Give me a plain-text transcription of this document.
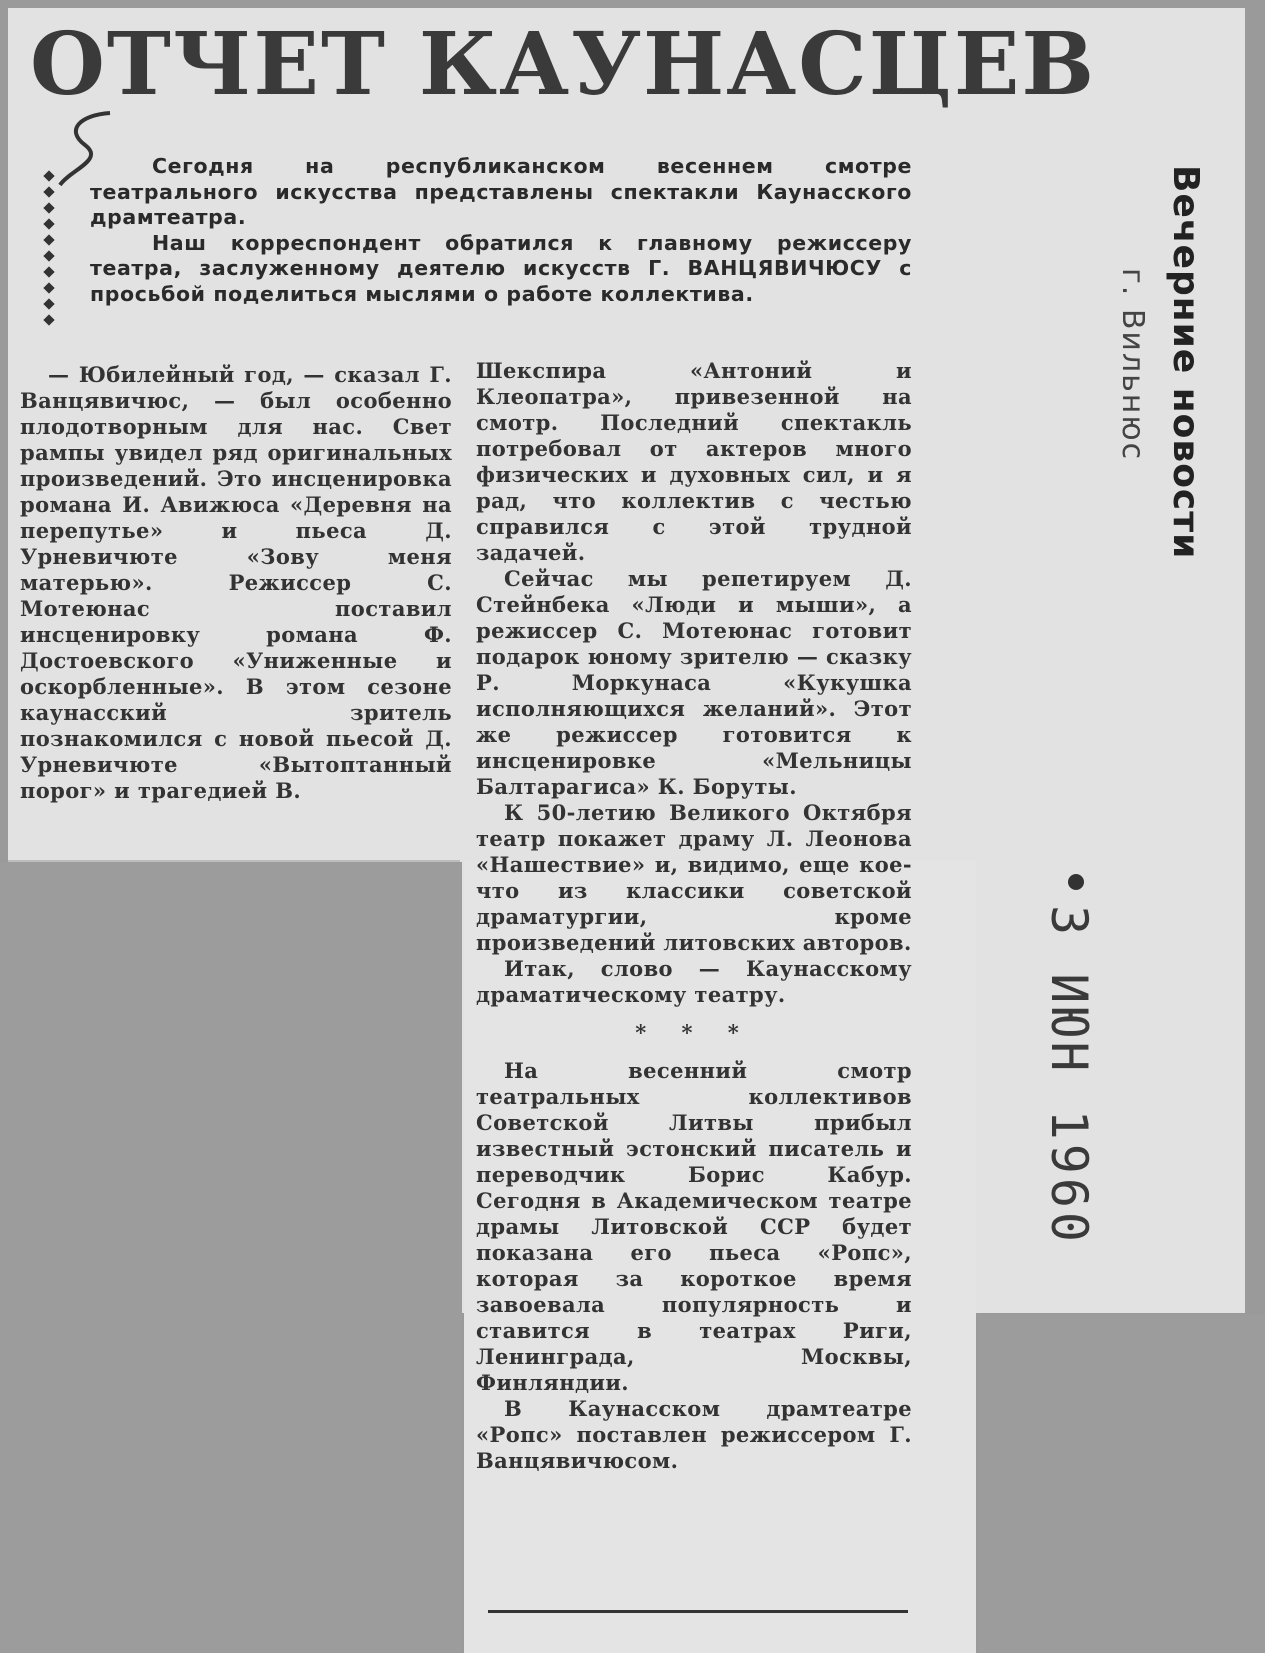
ОТЧЕТ КАУНАСЦЕВ

Сегодня на республиканском весеннем смотре театрального искусства представлены спектакли Каунасского драмтеатра.

Наш корреспондент обратился к главному режиссеру театра, заслуженному деятелю искусств Г. ВАНЦЯВИЧЮСУ с просьбой поделиться мыслями о работе коллектива.

— Юбилейный год, — сказал Г. Ванцявичюс, — был особенно плодотворным для нас. Свет рампы увидел ряд оригинальных произведений. Это инсценировка романа И. Авижюса «Деревня на перепутье» и пьеса Д. Урневичюте «Зову меня матерью». Режиссер С. Мотеюнас поставил инсценировку романа Ф. Достоевского «Униженные и оскорбленные». В этом сезоне каунасский зритель познакомился с новой пьесой Д. Урневичюте «Вытоптанный порог» и трагедией В.

Шекспира «Антоний и Клеопатра», привезенной на смотр. Последний спектакль потребовал от актеров много физических и духовных сил, и я рад, что коллектив с честью справился с этой трудной задачей.

Сейчас мы репетируем Д. Стейнбека «Люди и мыши», а режиссер С. Мотеюнас готовит подарок юному зрителю — сказку Р. Моркунаса «Кукушка исполняющихся желаний». Этот же режиссер готовится к инсценировке «Мельницы Балтарагиса» К. Боруты.

К 50-летию Великого Октября театр покажет драму Л. Леонова «Нашествие» и, видимо, еще кое-что из классики советской драматургии, кроме произведений литовских авторов.

Итак, слово — Каунасскому драматическому театру.

* * *

На весенний смотр театральных коллективов Советской Литвы прибыл известный эстонский писатель и переводчик Борис Кабур. Сегодня в Академическом театре драмы Литовской ССР будет показана его пьеса «Ропс», которая за короткое время завоевала популярность и ставится в театрах Риги, Ленинграда, Москвы, Финляндии.

В Каунасском драмтеатре «Ропс» поставлен режиссером Г. Ванцявичюсом.

Вечерние новости
г. Вильнюс
3 ИЮН 1960
